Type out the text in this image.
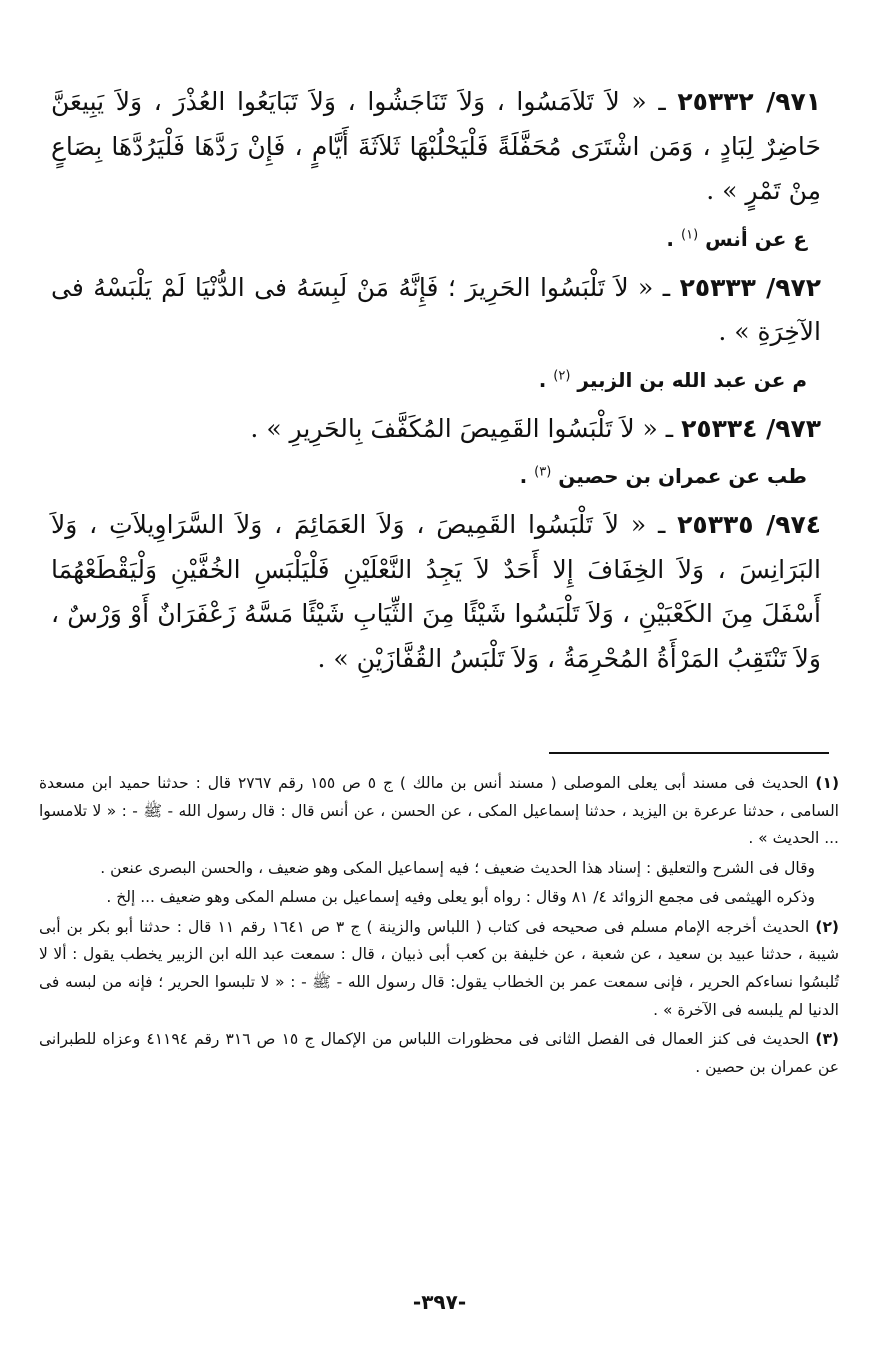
٩٧١/ ٢٥٣٣٢ ـ « لاَ تَلاَمَسُوا ، وَلاَ تَنَاجَشُوا ، وَلاَ تَبَايَعُوا العُذْرَ ، وَلاَ يَبِيعَنَّ حَاضِرٌ لِبَادٍ ، وَمَن اشْتَرَى مُحَفَّلَةً فَلْيَحْلُبْهَا ثَلاَثَةَ أَيَّامٍ ، فَإِنْ رَدَّهَا فَلْيَرُدَّهَا بِصَاعٍ مِنْ تَمْرٍ » .

ع عن أنس $^{(١)}$ .

٩٧٢/ ٢٥٣٣٣ ـ « لاَ تَلْبَسُوا الحَرِيرَ ؛ فَإِنَّهُ مَنْ لَبِسَهُ فى الدُّنْيَا لَمْ يَلْبَسْهُ فى الآخِرَةِ » .

م عن عبد الله بن الزبير $^{(٢)}$ .

٩٧٣/ ٢٥٣٣٤ ـ « لاَ تَلْبَسُوا القَمِيصَ المُكَفَّفَ بِالحَرِيرِ » .

طب عن عمران بن حصين $^{(٣)}$ .

٩٧٤/ ٢٥٣٣٥ ـ « لاَ تَلْبَسُوا القَمِيصَ ، وَلاَ العَمَائِمَ ، وَلاَ السَّرَاوِيلاَتِ ، وَلاَ البَرَانِسَ ، وَلاَ الخِفَافَ إِلا أَحَدٌ لاَ يَجِدُ النَّعْلَيْنِ فَلْيَلْبَسِ الخُفَّيْنِ وَلْيَقْطَعْهُمَا أَسْفَلَ مِنَ الكَعْبَيْنِ ، وَلاَ تَلْبَسُوا شَيْئًا مِنَ الثِّيَابِ شَيْئًا مَسَّهُ زَعْفَرَانٌ أَوْ وَرْسٌ ، وَلاَ تَنْتَقِبُ المَرْأَةُ المُحْرِمَةُ ، وَلاَ تَلْبَسُ القُفَّازَيْنِ » .

(١) الحديث فى مسند أبى يعلى الموصلى ( مسند أنس بن مالك ) ج ٥ ص ١٥٥ رقم ٢٧٦٧ قال : حدثنا حميد ابن مسعدة السامى ، حدثنا عرعرة بن اليزيد ، حدثنا إسماعيل المكى ، عن الحسن ، عن أنس قال : قال رسول الله - ﷺ - : « لا تلامسوا ... الحديث » .

وقال فى الشرح والتعليق : إسناد هذا الحديث ضعيف ؛ فيه إسماعيل المكى وهو ضعيف ، والحسن البصرى عنعن .

وذكره الهيثمى فى مجمع الزوائد ٤/ ٨١ وقال : رواه أبو يعلى وفيه إسماعيل بن مسلم المكى وهو ضعيف ... إلخ .

(٢) الحديث أخرجه الإمام مسلم فى صحيحه فى كتاب ( اللباس والزينة ) ج ٣ ص ١٦٤١ رقم ١١ قال : حدثنا أبو بكر بن أبى شيبة ، حدثنا عبيد بن سعيد ، عن شعبة ، عن خليفة بن كعب أبى ذبيان ، قال : سمعت عبد الله ابن الزبير يخطب يقول : ألا لا تُلبسُوا نساءكم الحرير ، فإنى سمعت عمر بن الخطاب يقول: قال رسول الله - ﷺ - : « لا تلبسوا الحرير ؛ فإنه من لبسه فى الدنيا لم يلبسه فى الآخرة » .

(٣) الحديث فى كنز العمال فى الفصل الثانى فى محظورات اللباس من الإكمال ج ١٥ ص ٣١٦ رقم ٤١١٩٤ وعزاه للطبرانى عن عمران بن حصين .

-٣٩٧-
